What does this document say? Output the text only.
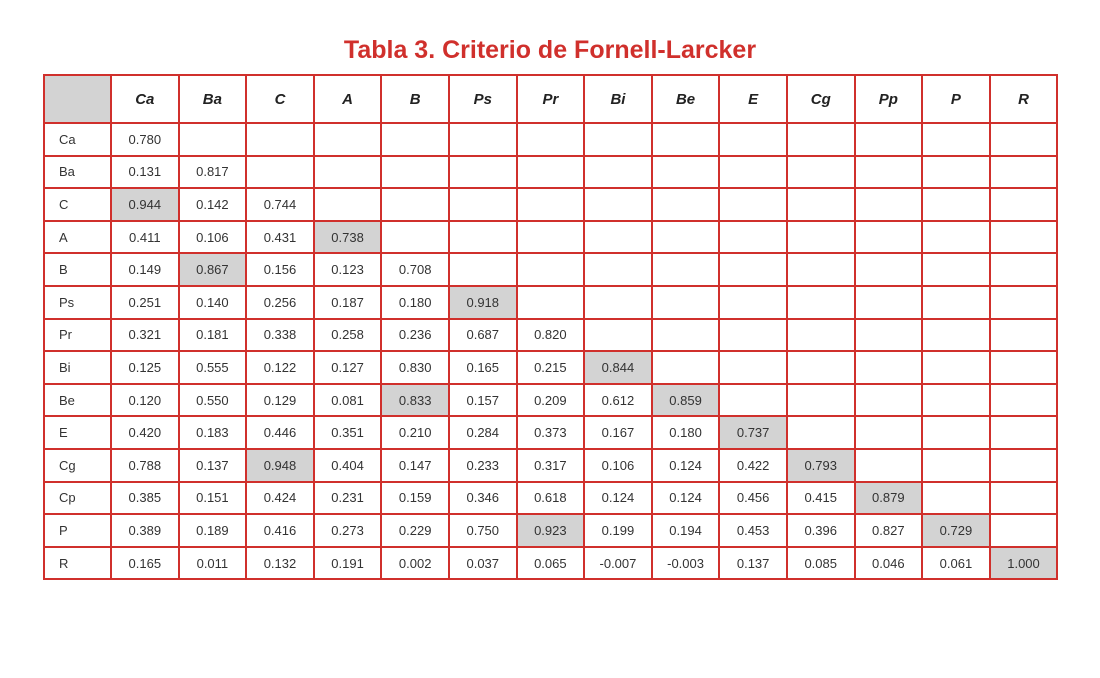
Tabla 3. Criterio de Fornell-Larcker
	Ca	Ba	C	A	B	Ps	Pr	Bi	Be	E	Cg	Pp	P	R
Ca	0.780													
Ba	0.131	0.817												
C	0.944	0.142	0.744											
A	0.411	0.106	0.431	0.738										
B	0.149	0.867	0.156	0.123	0.708									
Ps	0.251	0.140	0.256	0.187	0.180	0.918								
Pr	0.321	0.181	0.338	0.258	0.236	0.687	0.820							
Bi	0.125	0.555	0.122	0.127	0.830	0.165	0.215	0.844						
Be	0.120	0.550	0.129	0.081	0.833	0.157	0.209	0.612	0.859					
E	0.420	0.183	0.446	0.351	0.210	0.284	0.373	0.167	0.180	0.737				
Cg	0.788	0.137	0.948	0.404	0.147	0.233	0.317	0.106	0.124	0.422	0.793			
Cp	0.385	0.151	0.424	0.231	0.159	0.346	0.618	0.124	0.124	0.456	0.415	0.879		
P	0.389	0.189	0.416	0.273	0.229	0.750	0.923	0.199	0.194	0.453	0.396	0.827	0.729	
R	0.165	0.011	0.132	0.191	0.002	0.037	0.065	-0.007	-0.003	0.137	0.085	0.046	0.061	1.000
